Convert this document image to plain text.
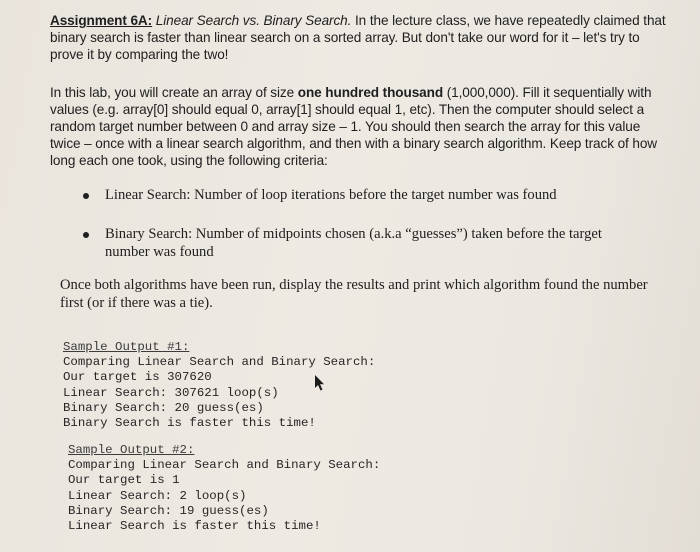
Assignment 6A: Linear Search vs. Binary Search. In the lecture class, we have repeatedly claimed that binary search is faster than linear search on a sorted array. But don't take our word for it – let's try to prove it by comparing the two!
In this lab, you will create an array of size one hundred thousand (1,000,000). Fill it sequentially with values (e.g. array[0] should equal 0, array[1] should equal 1, etc). Then the computer should select a random target number between 0 and array size – 1. You should then search the array for this value twice – once with a linear search algorithm, and then with a binary search algorithm. Keep track of how long each one took, using the following criteria:
Linear Search: Number of loop iterations before the target number was found
Binary Search: Number of midpoints chosen (a.k.a “guesses”) taken before the target number was found
Once both algorithms have been run, display the results and print which algorithm found the number first (or if there was a tie).
Sample Output #1:
Comparing Linear Search and Binary Search:
Our target is 307620
Linear Search: 307621 loop(s)
Binary Search: 20 guess(es)
Binary Search is faster this time!
Sample Output #2:
Comparing Linear Search and Binary Search:
Our target is 1
Linear Search: 2 loop(s)
Binary Search: 19 guess(es)
Linear Search is faster this time!
